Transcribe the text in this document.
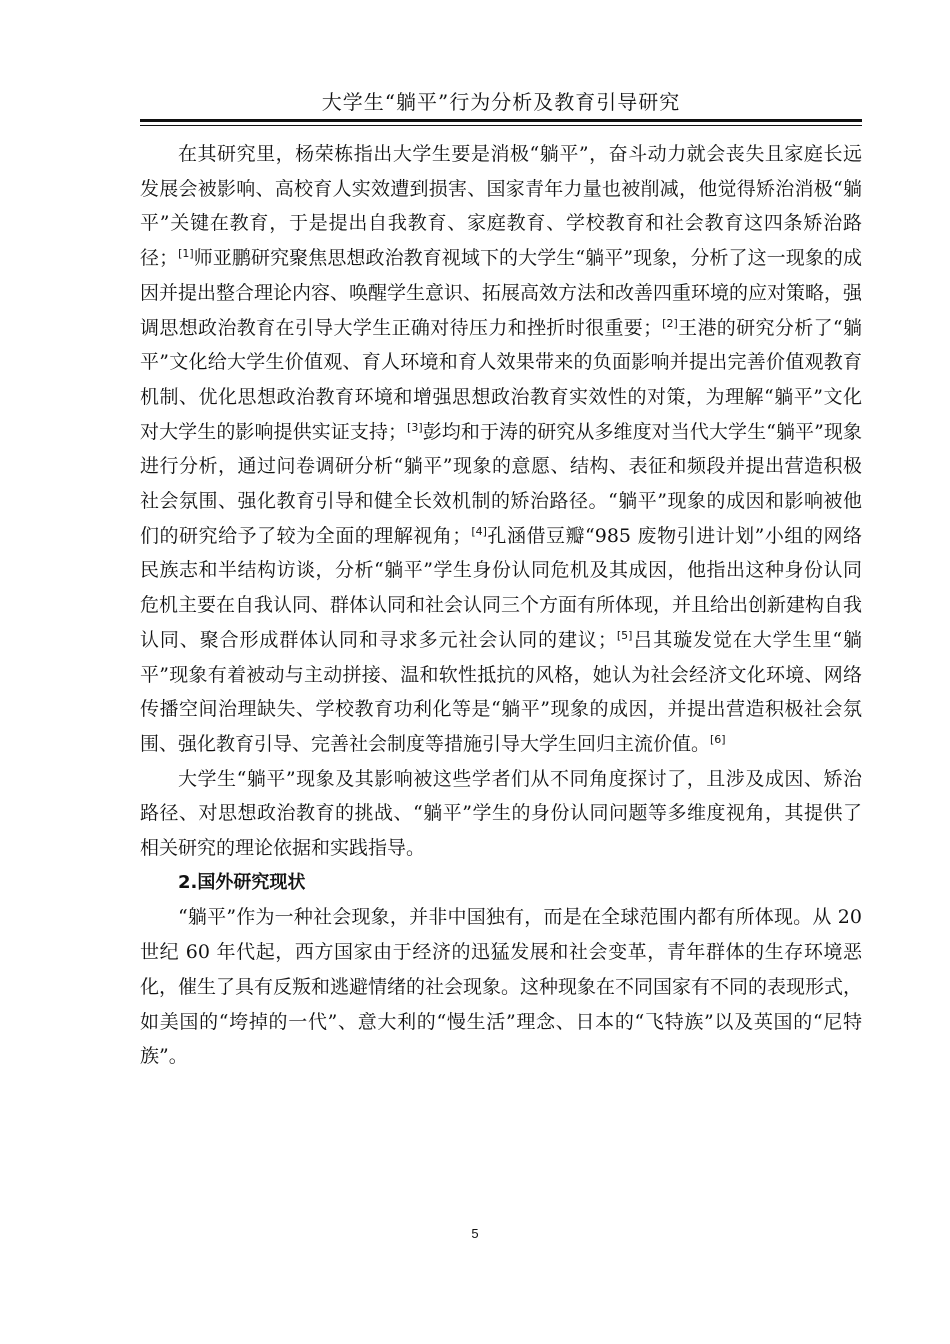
大学生“躺平”行为分析及教育引导研究

在其研究里，杨荣栋指出大学生要是消极“躺平”，奋斗动力就会丧失且家庭长远发展会被影响、高校育人实效遭到损害、国家青年力量也被削减，他觉得矫治消极“躺平”关键在教育，于是提出自我教育、家庭教育、学校教育和社会教育这四条矫治路径；[1]师亚鹏研究聚焦思想政治教育视域下的大学生“躺平”现象，分析了这一现象的成因并提出整合理论内容、唤醒学生意识、拓展高效方法和改善四重环境的应对策略，强调思想政治教育在引导大学生正确对待压力和挫折时很重要；[2]王港的研究分析了“躺平”文化给大学生价值观、育人环境和育人效果带来的负面影响并提出完善价值观教育机制、优化思想政治教育环境和增强思想政治教育实效性的对策，为理解“躺平”文化对大学生的影响提供实证支持；[3]彭均和于涛的研究从多维度对当代大学生“躺平”现象进行分析，通过问卷调研分析“躺平”现象的意愿、结构、表征和频段并提出营造积极社会氛围、强化教育引导和健全长效机制的矫治路径。“躺平”现象的成因和影响被他们的研究给予了较为全面的理解视角；[4]孔涵借豆瓣“985 废物引进计划”小组的网络民族志和半结构访谈，分析“躺平”学生身份认同危机及其成因，他指出这种身份认同危机主要在自我认同、群体认同和社会认同三个方面有所体现，并且给出创新建构自我认同、聚合形成群体认同和寻求多元社会认同的建议；[5]吕其璇发觉在大学生里“躺平”现象有着被动与主动拼接、温和软性抵抗的风格，她认为社会经济文化环境、网络传播空间治理缺失、学校教育功利化等是“躺平”现象的成因，并提出营造积极社会氛围、强化教育引导、完善社会制度等措施引导大学生回归主流价值。[6]

大学生“躺平”现象及其影响被这些学者们从不同角度探讨了，且涉及成因、矫治路径、对思想政治教育的挑战、“躺平”学生的身份认同问题等多维度视角，其提供了相关研究的理论依据和实践指导。

2.国外研究现状

“躺平”作为一种社会现象，并非中国独有，而是在全球范围内都有所体现。从 20 世纪 60 年代起，西方国家由于经济的迅猛发展和社会变革，青年群体的生存环境恶化，催生了具有反叛和逃避情绪的社会现象。这种现象在不同国家有不同的表现形式，如美国的“垮掉的一代”、意大利的“慢生活”理念、日本的“飞特族”以及英国的“尼特族”。

5
